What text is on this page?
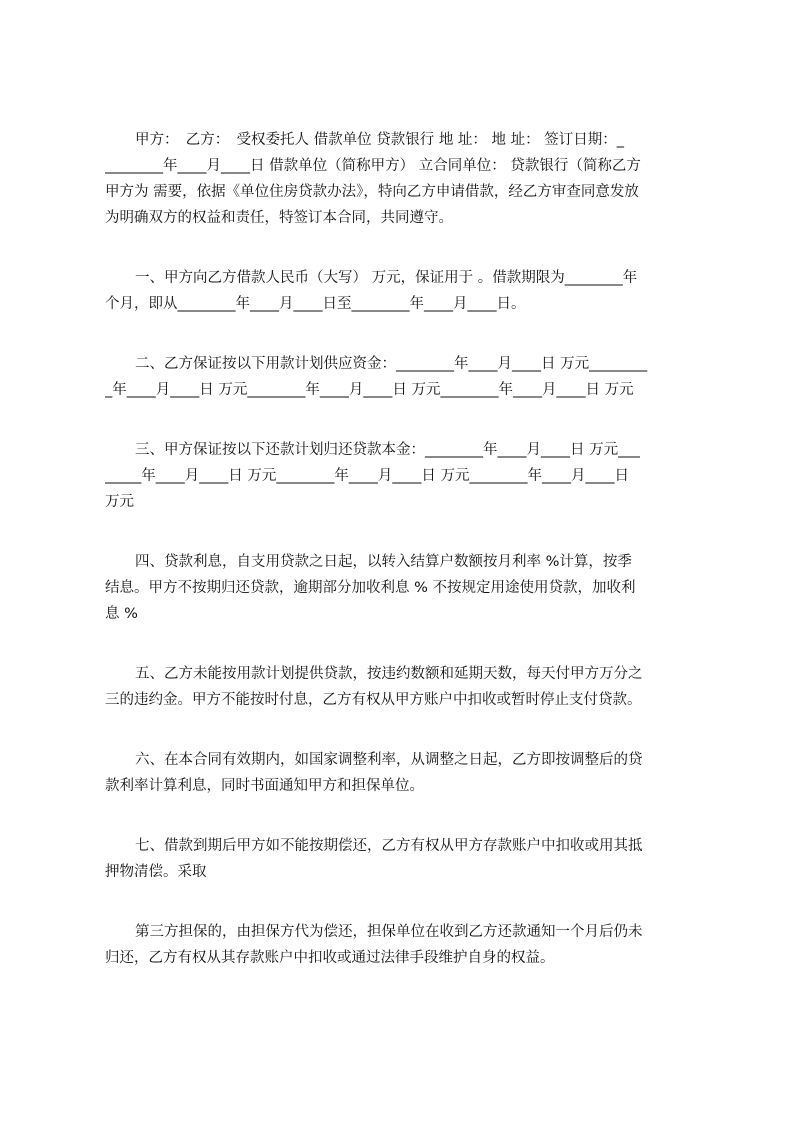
甲方：　乙方：　受权委托人 借款单位 贷款银行 地 址： 地 址： 签订日期：_
________年____月____日 借款单位（简称甲方） 立合同单位： 贷款银行（简称乙方
甲方为 需要，依据《单位住房贷款办法》，特向乙方申请借款，经乙方审查同意发放
为明确双方的权益和责任，特签订本合同，共同遵守。
一、甲方向乙方借款人民币（大写） 万元，保证用于 。借款期限为________年
个月，即从________年____月____日至________年____月____日。
二、乙方保证按以下用款计划供应资金：________年____月____日 万元________
_年____月____日 万元________年____月____日 万元________年____月____日 万元
三、甲方保证按以下还款计划归还贷款本金：________年____月____日 万元___
_____年____月____日 万元________年____月____日 万元________年____月____日
万元
四、贷款利息，自支用贷款之日起，以转入结算户数额按月利率 %计算，按季
结息。甲方不按期归还贷款，逾期部分加收利息 % 不按规定用途使用贷款，加收利
息 %
五、乙方未能按用款计划提供贷款，按违约数额和延期天数，每天付甲方万分之
三的违约金。甲方不能按时付息，乙方有权从甲方账户中扣收或暂时停止支付贷款。
六、在本合同有效期内，如国家调整利率，从调整之日起，乙方即按调整后的贷
款利率计算利息，同时书面通知甲方和担保单位。
七、借款到期后甲方如不能按期偿还，乙方有权从甲方存款账户中扣收或用其抵
押物清偿。采取
第三方担保的，由担保方代为偿还，担保单位在收到乙方还款通知一个月后仍未
归还，乙方有权从其存款账户中扣收或通过法律手段维护自身的权益。
